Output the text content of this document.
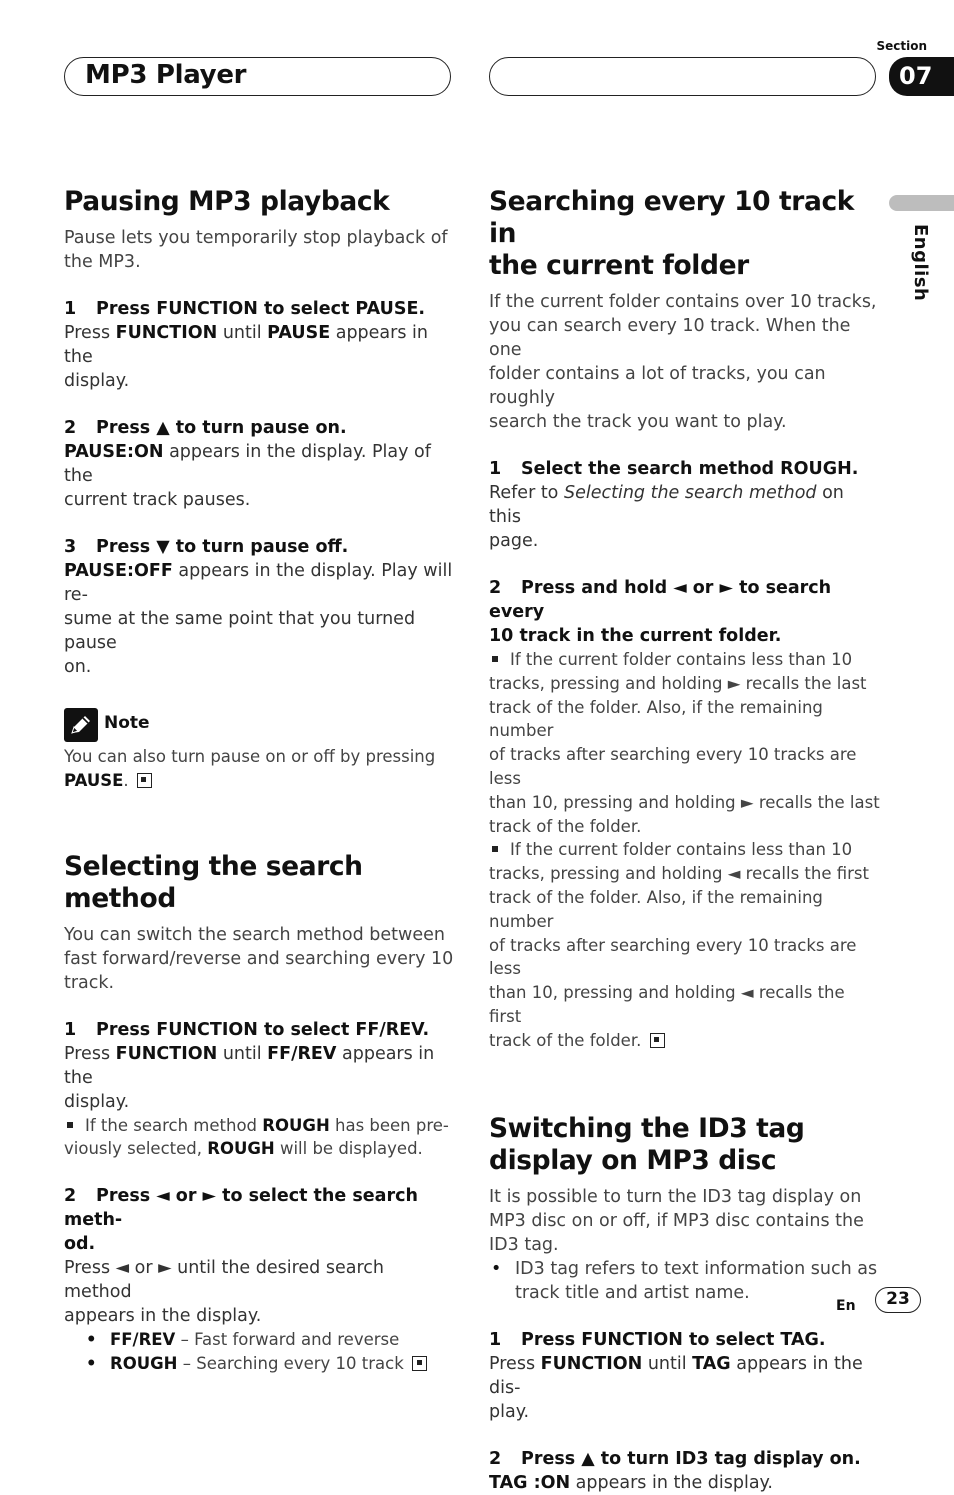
MP3 Player
Section
07
English
Pausing MP3 playback
Pause lets you temporarily stop playback of
the MP3.
1 Press FUNCTION to select PAUSE.
Press FUNCTION until PAUSE appears in the
display.
2 Press ▲ to turn pause on.
PAUSE:ON appears in the display. Play of the
current track pauses.
3 Press ▼ to turn pause off.
PAUSE:OFF appears in the display. Play will re-
sume at the same point that you turned pause
on.
Note
You can also turn pause on or off by pressing
PAUSE.
Selecting the search method
You can switch the search method between
fast forward/reverse and searching every 10
track.
1 Press FUNCTION to select FF/REV.
Press FUNCTION until FF/REV appears in the
display.
If the search method ROUGH has been pre-
viously selected, ROUGH will be displayed.
2 Press ◄ or ► to select the search meth-
od.
Press ◄ or ► until the desired search method
appears in the display.
• FF/REV – Fast forward and reverse
• ROUGH – Searching every 10 track
Searching every 10 track in
the current folder
If the current folder contains over 10 tracks,
you can search every 10 track. When the one
folder contains a lot of tracks, you can roughly
search the track you want to play.
1 Select the search method ROUGH.
Refer to Selecting the search method on this
page.
2 Press and hold ◄ or ► to search every
10 track in the current folder.
If the current folder contains less than 10
tracks, pressing and holding ► recalls the last
track of the folder. Also, if the remaining number
of tracks after searching every 10 tracks are less
than 10, pressing and holding ► recalls the last
track of the folder.
If the current folder contains less than 10
tracks, pressing and holding ◄ recalls the first
track of the folder. Also, if the remaining number
of tracks after searching every 10 tracks are less
than 10, pressing and holding ◄ recalls the first
track of the folder.
Switching the ID3 tag
display on MP3 disc
It is possible to turn the ID3 tag display on
MP3 disc on or off, if MP3 disc contains the
ID3 tag.
• ID3 tag refers to text information such as
track title and artist name.
1 Press FUNCTION to select TAG.
Press FUNCTION until TAG appears in the dis-
play.
2 Press ▲ to turn ID3 tag display on.
TAG :ON appears in the display.
En	23
